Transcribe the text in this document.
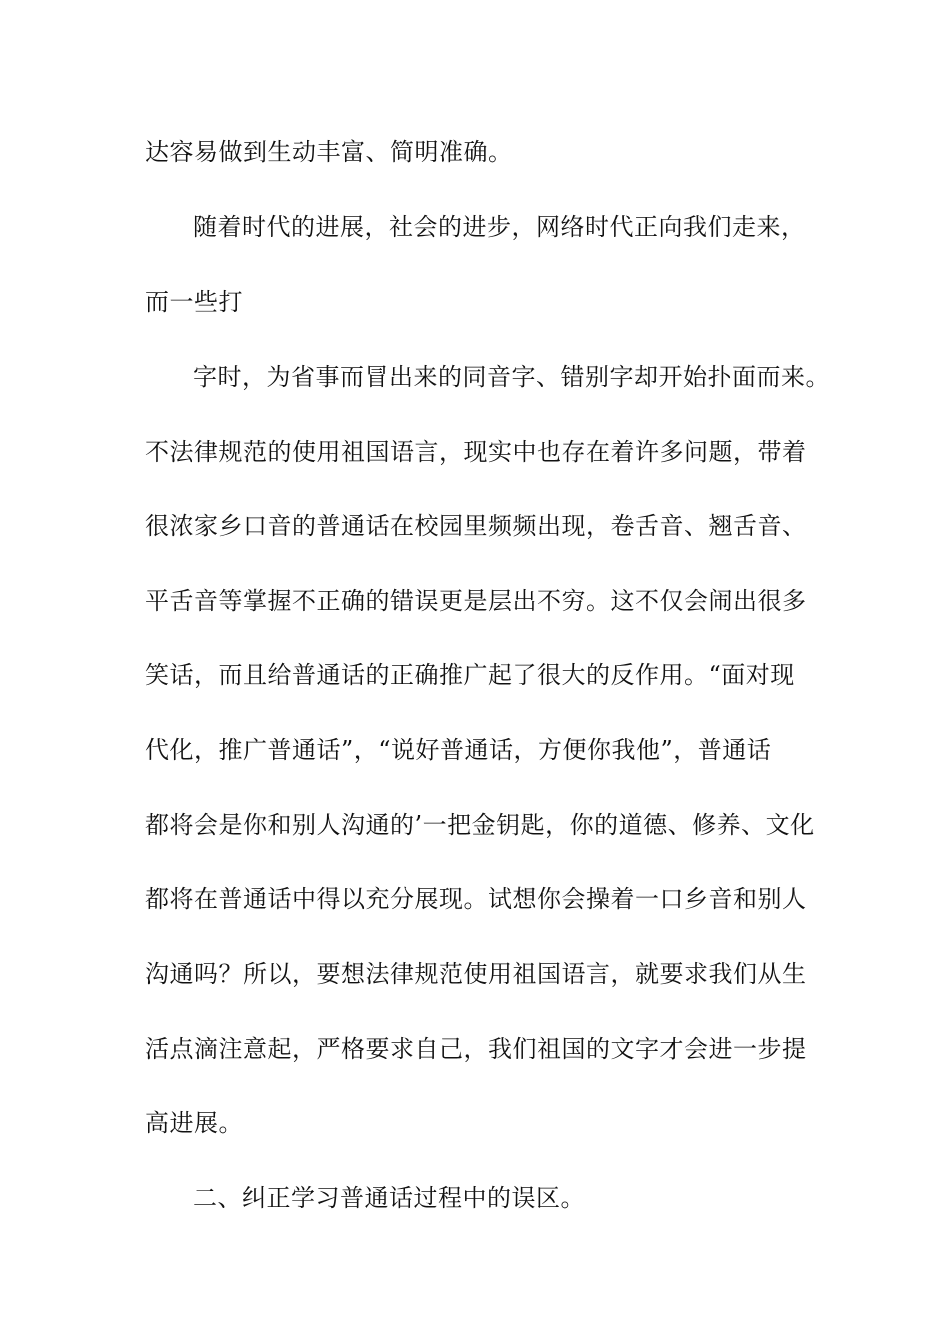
达容易做到生动丰富、简明准确。
随着时代的进展，社会的进步，网络时代正向我们走来，
而一些打
字时，为省事而冒出来的同音字、错别字却开始扑面而来。
不法律规范的使用祖国语言，现实中也存在着许多问题，带着
很浓家乡口音的普通话在校园里频频出现，卷舌音、翘舌音、
平舌音等掌握不正确的错误更是层出不穷。这不仅会闹出很多
笑话，而且给普通话的正确推广起了很大的反作用。“面对现
代化，推广普通话”，“说好普通话，方便你我他”，普通话
都将会是你和别人沟通的’一把金钥匙，你的道德、修养、文化
都将在普通话中得以充分展现。试想你会操着一口乡音和别人
沟通吗？所以，要想法律规范使用祖国语言，就要求我们从生
活点滴注意起，严格要求自己，我们祖国的文字才会进一步提
高进展。
二、纠正学习普通话过程中的误区。
